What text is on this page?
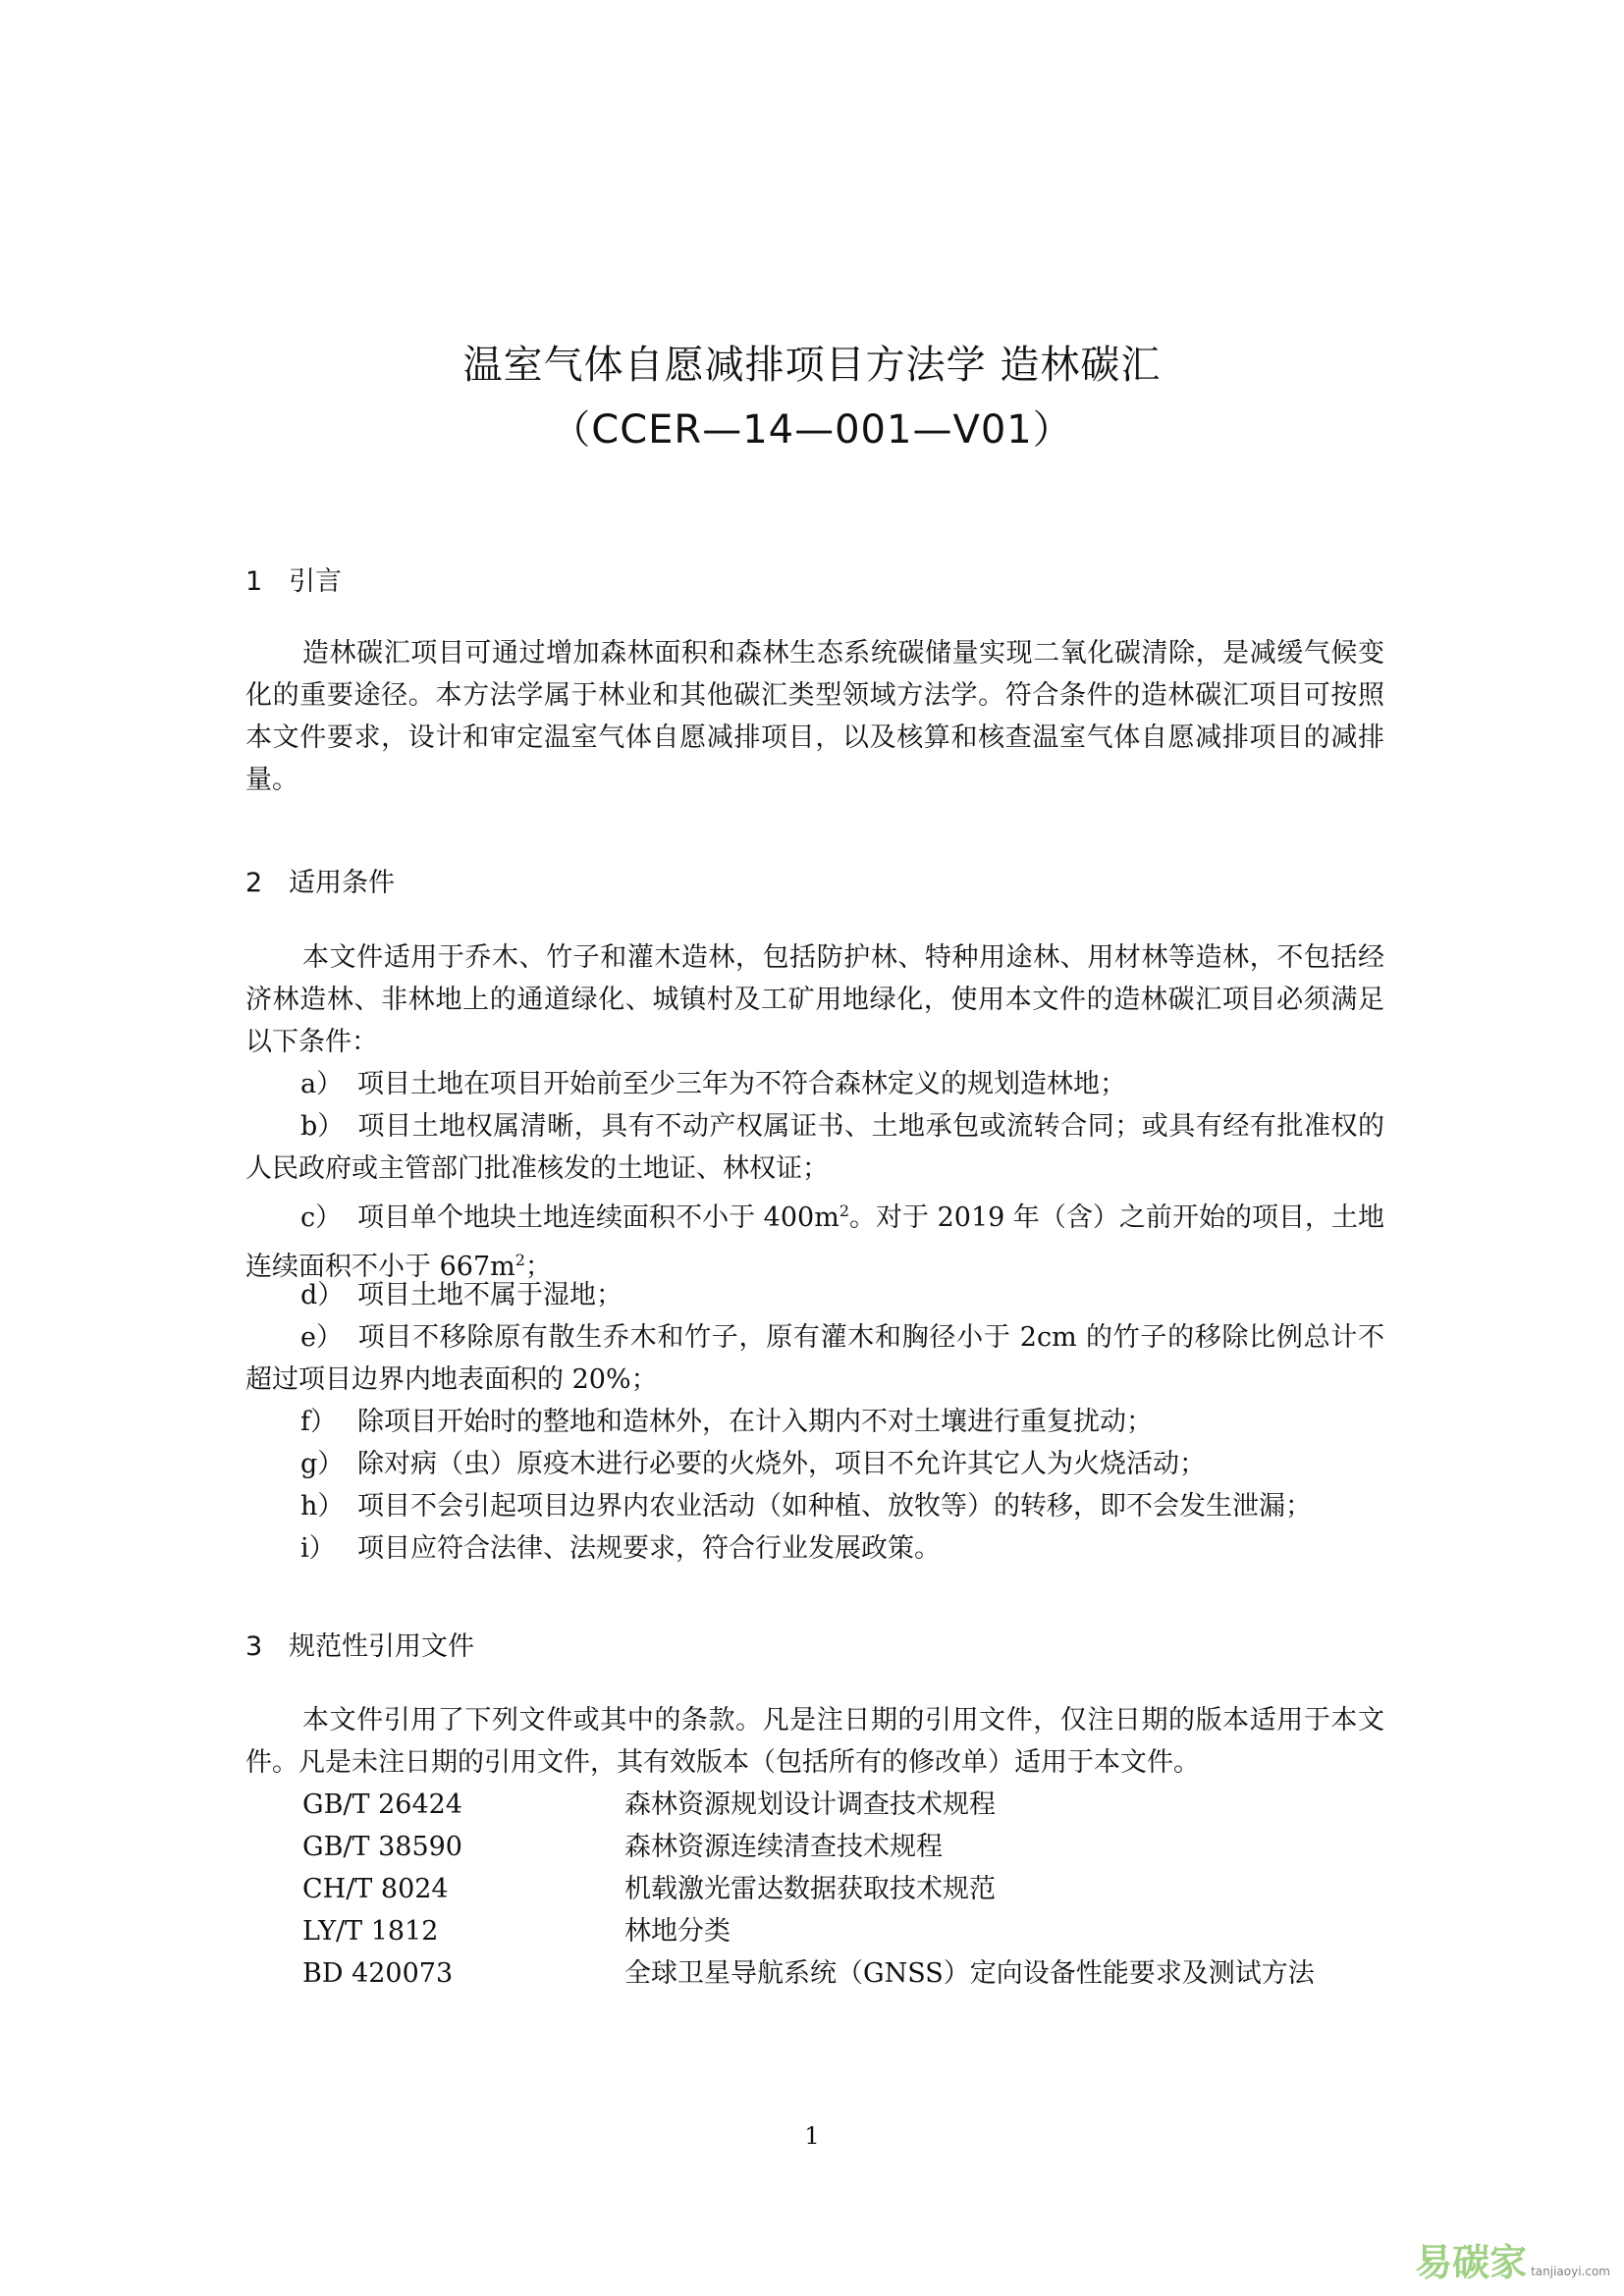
温室气体自愿减排项目方法学 造林碳汇
（CCER—14—001—V01）
1 引言

造林碳汇项目可通过增加森林面积和森林生态系统碳储量实现二氧化碳清除，是减缓气候变化的重要途径。本方法学属于林业和其他碳汇类型领域方法学。符合条件的造林碳汇项目可按照本文件要求，设计和审定温室气体自愿减排项目，以及核算和核查温室气体自愿减排项目的减排量。

2 适用条件

本文件适用于乔木、竹子和灌木造林，包括防护林、特种用途林、用材林等造林，不包括经济林造林、非林地上的通道绿化、城镇村及工矿用地绿化，使用本文件的造林碳汇项目必须满足以下条件：

a） 项目土地在项目开始前至少三年为不符合森林定义的规划造林地；

b） 项目土地权属清晰，具有不动产权属证书、土地承包或流转合同；或具有经有批准权的人民政府或主管部门批准核发的土地证、林权证；

c） 项目单个地块土地连续面积不小于 $400m^2$。对于 2019 年（含）之前开始的项目，土地连续面积不小于 $667m^2$；

d） 项目土地不属于湿地；

e） 项目不移除原有散生乔木和竹子，原有灌木和胸径小于 2cm 的竹子的移除比例总计不超过项目边界内地表面积的 20%；

f） 除项目开始时的整地和造林外，在计入期内不对土壤进行重复扰动；

g） 除对病（虫）原疫木进行必要的火烧外，项目不允许其它人为火烧活动；

h） 项目不会引起项目边界内农业活动（如种植、放牧等）的转移，即不会发生泄漏；

i） 项目应符合法律、法规要求，符合行业发展政策。

3 规范性引用文件

本文件引用了下列文件或其中的条款。凡是注日期的引用文件，仅注日期的版本适用于本文件。凡是未注日期的引用文件，其有效版本（包括所有的修改单）适用于本文件。

GB/T 26424	森林资源规划设计调查技术规程
GB/T 38590	森林资源连续清查技术规程
CH/T 8024	机载激光雷达数据获取技术规范
LY/T 1812	林地分类
BD 420073	全球卫星导航系统（GNSS）定向设备性能要求及测试方法
1
易碳家 tanjiaoyi.com
